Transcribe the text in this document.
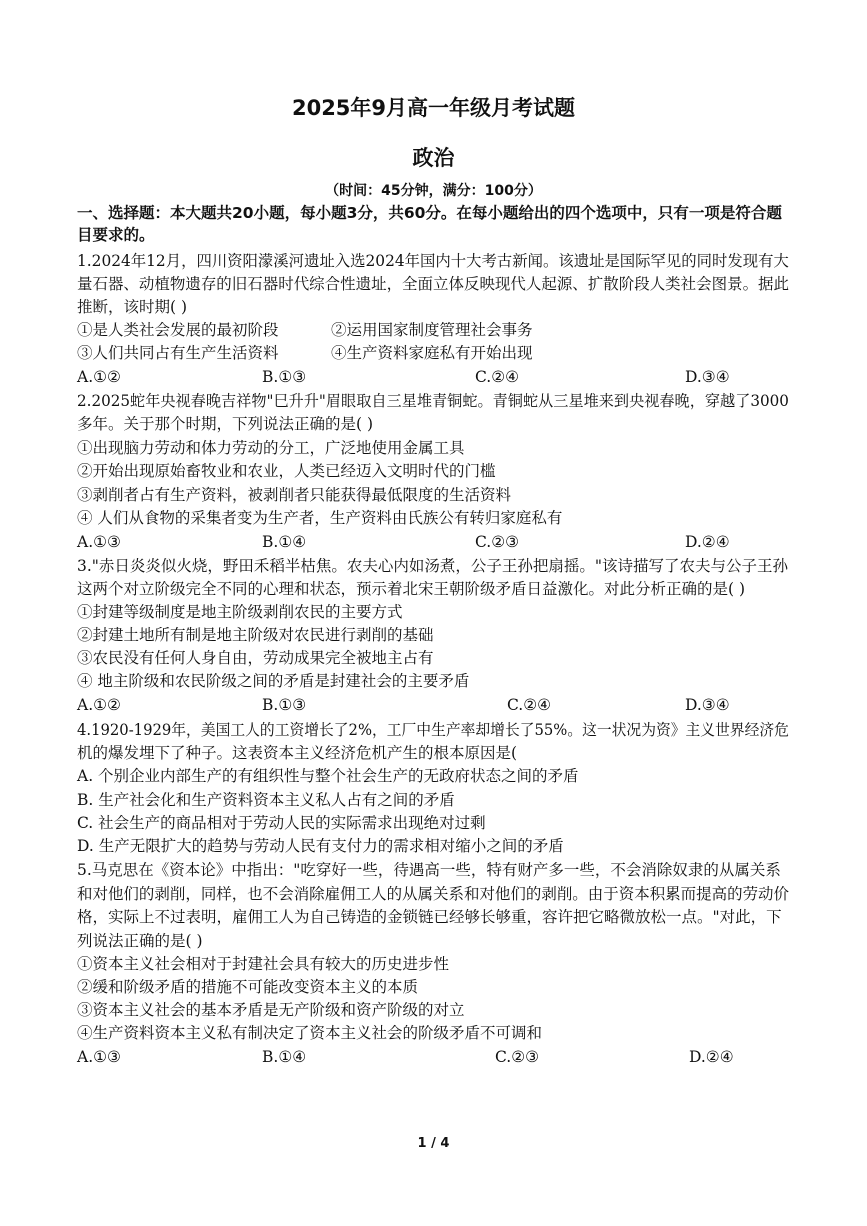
2025年9月高一年级月考试题
政治
（时间：45分钟，满分：100分）
一、选择题：本大题共20小题，每小题3分，共60分。在每小题给出的四个选项中，只有一项是符合题
目要求的。
1.2024年12月，四川资阳濛溪河遗址入选2024年国内十大考古新闻。该遗址是国际罕见的同时发现有大
量石器、动植物遗存的旧石器时代综合性遗址，全面立体反映现代人起源、扩散阶段人类社会图景。据此
推断，该时期( )
①是人类社会发展的最初阶段	②运用国家制度管理社会事务
③人们共同占有生产生活资料	④生产资料家庭私有开始出现
A.①②	B.①③	C.②④	D.③④
2.2025蛇年央视春晚吉祥物"巳升升"眉眼取自三星堆青铜蛇。青铜蛇从三星堆来到央视春晚，穿越了3000
多年。关于那个时期，下列说法正确的是( )
①出现脑力劳动和体力劳动的分工，广泛地使用金属工具
②开始出现原始畜牧业和农业，人类已经迈入文明时代的门槛
③剥削者占有生产资料，被剥削者只能获得最低限度的生活资料
④ 人们从食物的采集者变为生产者，生产资料由氏族公有转归家庭私有
A.①③	B.①④	C.②③	D.②④
3."赤日炎炎似火烧，野田禾稻半枯焦。农夫心内如汤煮，公子王孙把扇摇。"该诗描写了农夫与公子王孙
这两个对立阶级完全不同的心理和状态，预示着北宋王朝阶级矛盾日益激化。对此分析正确的是( )
①封建等级制度是地主阶级剥削农民的主要方式
②封建土地所有制是地主阶级对农民进行剥削的基础
③农民没有任何人身自由，劳动成果完全被地主占有
④ 地主阶级和农民阶级之间的矛盾是封建社会的主要矛盾
A.①②	B.①③	C.②④	D.③④
4.1920-1929年，美国工人的工资增长了2%，工厂中生产率却增长了55%。这一状况为资》主义世界经济危
机的爆发埋下了种子。这表资本主义经济危机产生的根本原因是(
A. 个别企业内部生产的有组织性与整个社会生产的无政府状态之间的矛盾
B. 生产社会化和生产资料资本主义私人占有之间的矛盾
C. 社会生产的商品相对于劳动人民的实际需求出现绝对过剩
D. 生产无限扩大的趋势与劳动人民有支付力的需求相对缩小之间的矛盾
5.马克思在《资本论》中指出："吃穿好一些，待遇高一些，特有财产多一些，不会消除奴隶的从属关系
和对他们的剥削，同样，也不会消除雇佣工人的从属关系和对他们的剥削。由于资本积累而提高的劳动价
格，实际上不过表明，雇佣工人为自己铸造的金锁链已经够长够重，容许把它略微放松一点。"对此，下
列说法正确的是( )
①资本主义社会相对于封建社会具有较大的历史进步性
②缓和阶级矛盾的措施不可能改变资本主义的本质
③资本主义社会的基本矛盾是无产阶级和资产阶级的对立
④生产资料资本主义私有制决定了资本主义社会的阶级矛盾不可调和
A.①③	B.①④	C.②③	D.②④
1 / 4
